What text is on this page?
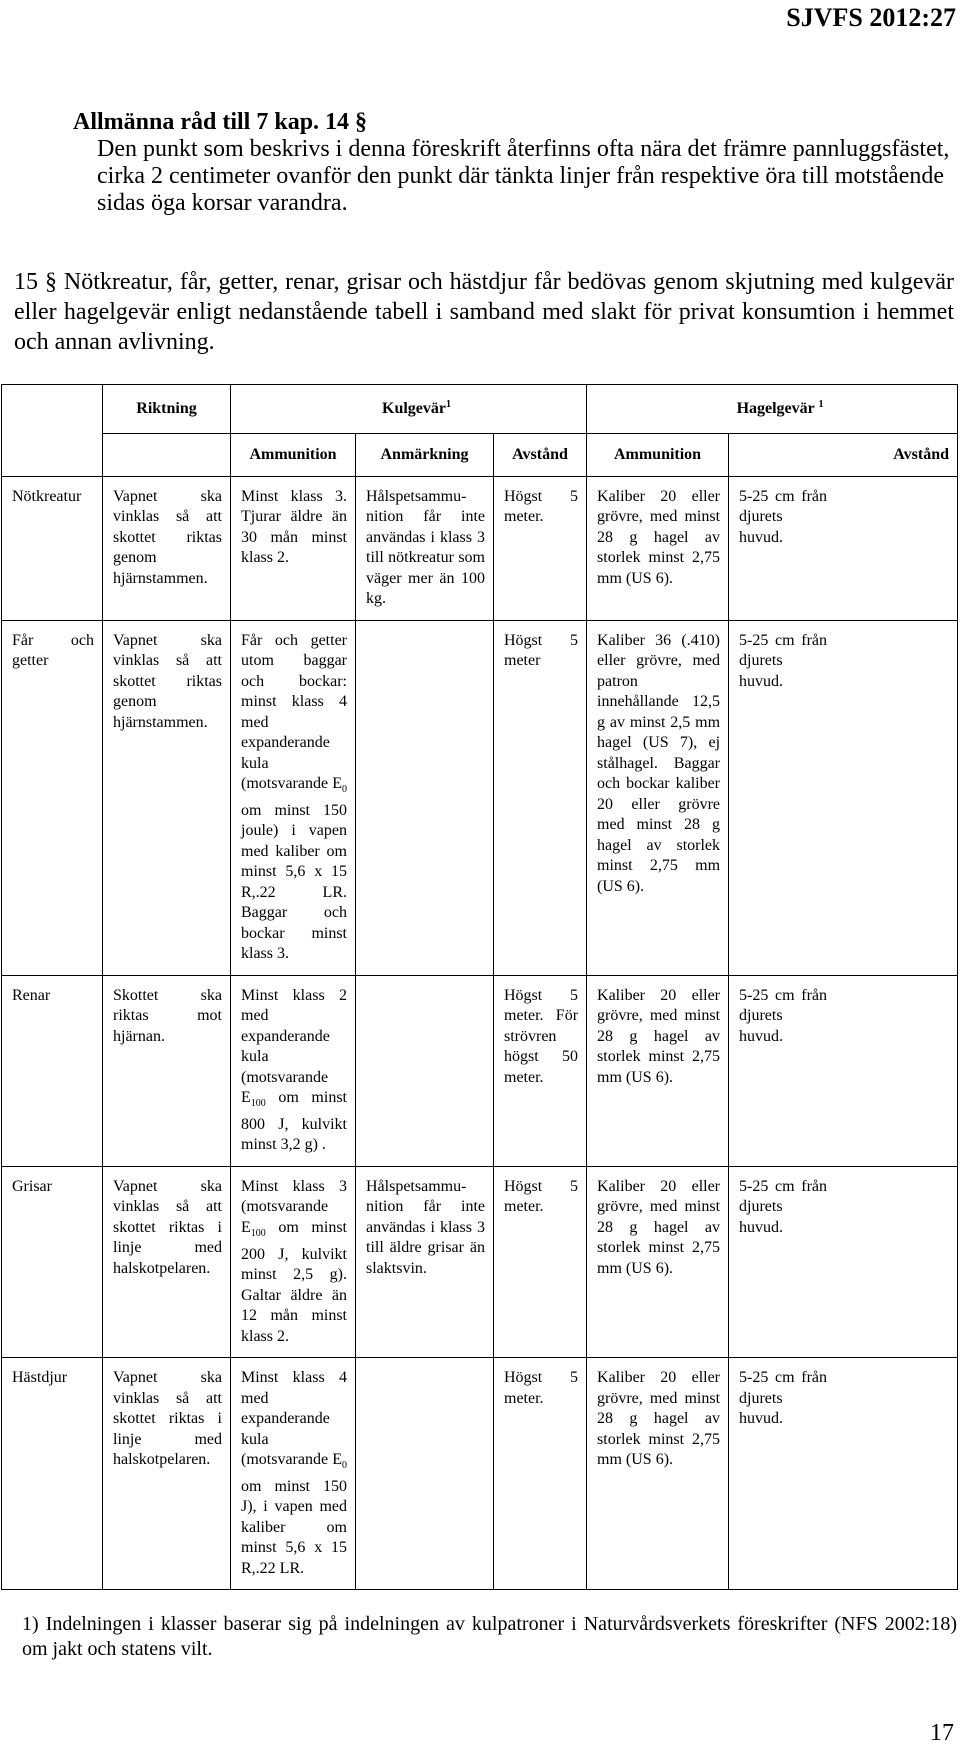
SJVFS 2012:27
Allmänna råd till 7 kap. 14 §
Den punkt som beskrivs i denna föreskrift återfinns ofta nära det främre pannluggsfästet, cirka 2 centimeter ovanför den punkt där tänkta linjer från respektive öra till motstående sidas öga korsar varandra.
15 § Nötkreatur, får, getter, renar, grisar och hästdjur får bedövas genom skjutning med kulgevär eller hagelgevär enligt nedanstående tabell i samband med slakt för privat konsumtion i hemmet och annan avlivning.
	Riktning	Kulgevär$^1$			Hagelgevär $^1$
		Ammunition	Anmärkning	Avstånd	Ammunition	Avstånd
Nötkreatur	Vapnet ska vinklas så att skottet riktas genom hjärnstammen.	Minst klass 3. Tjurar äldre än 30 mån minst klass 2.	Hålspetsammunition får inte användas i klass 3 till nötkreatur som väger mer än 100 kg.	Högst 5 meter.	Kaliber 20 eller grövre, med minst 28 g hagel av storlek minst 2,75 mm (US 6).	5-25 cm från djurets huvud.
Får och getter	Vapnet ska vinklas så att skottet riktas genom hjärnstammen.	Får och getter utom baggar och bockar: minst klass 4 med expanderande kula (motsvarande $E_0$ om minst 150 joule) i vapen med kaliber om minst 5,6 x 15 R,.22 LR. Baggar och bockar minst klass 3.		Högst 5 meter	Kaliber 36 (.410) eller grövre, med patron innehållande 12,5 g av minst 2,5 mm hagel (US 7), ej stålhagel. Baggar och bockar kaliber 20 eller grövre med minst 28 g hagel av storlek minst 2,75 mm (US 6).	5-25 cm från djurets huvud.
Renar	Skottet ska riktas mot hjärnan.	Minst klass 2 med expanderande kula (motsvarande $E_{100}$ om minst 800 J, kulvikt minst 3,2 g) .		Högst 5 meter. För strövren högst 50 meter.	Kaliber 20 eller grövre, med minst 28 g hagel av storlek minst 2,75 mm (US 6).	5-25 cm från djurets huvud.
Grisar	Vapnet ska vinklas så att skottet riktas i linje med halskotpelaren.	Minst klass 3 (motsvarande $E_{100}$ om minst 200 J, kulvikt minst 2,5 g). Galtar äldre än 12 mån minst klass 2.	Hålspetsammunition får inte användas i klass 3 till äldre grisar än slaktsvin.	Högst 5 meter.	Kaliber 20 eller grövre, med minst 28 g hagel av storlek minst 2,75 mm (US 6).	5-25 cm från djurets huvud.
Hästdjur	Vapnet ska vinklas så att skottet riktas i linje med halskotpelaren.	Minst klass 4 med expanderande kula (motsvarande $E_0$ om minst 150 J), i vapen med kaliber om minst 5,6 x 15 R,.22 LR.		Högst 5 meter.	Kaliber 20 eller grövre, med minst 28 g hagel av storlek minst 2,75 mm (US 6).	5-25 cm från djurets huvud.
1) Indelningen i klasser baserar sig på indelningen av kulpatroner i Naturvårdsverkets föreskrifter (NFS 2002:18) om jakt och statens vilt.
17
